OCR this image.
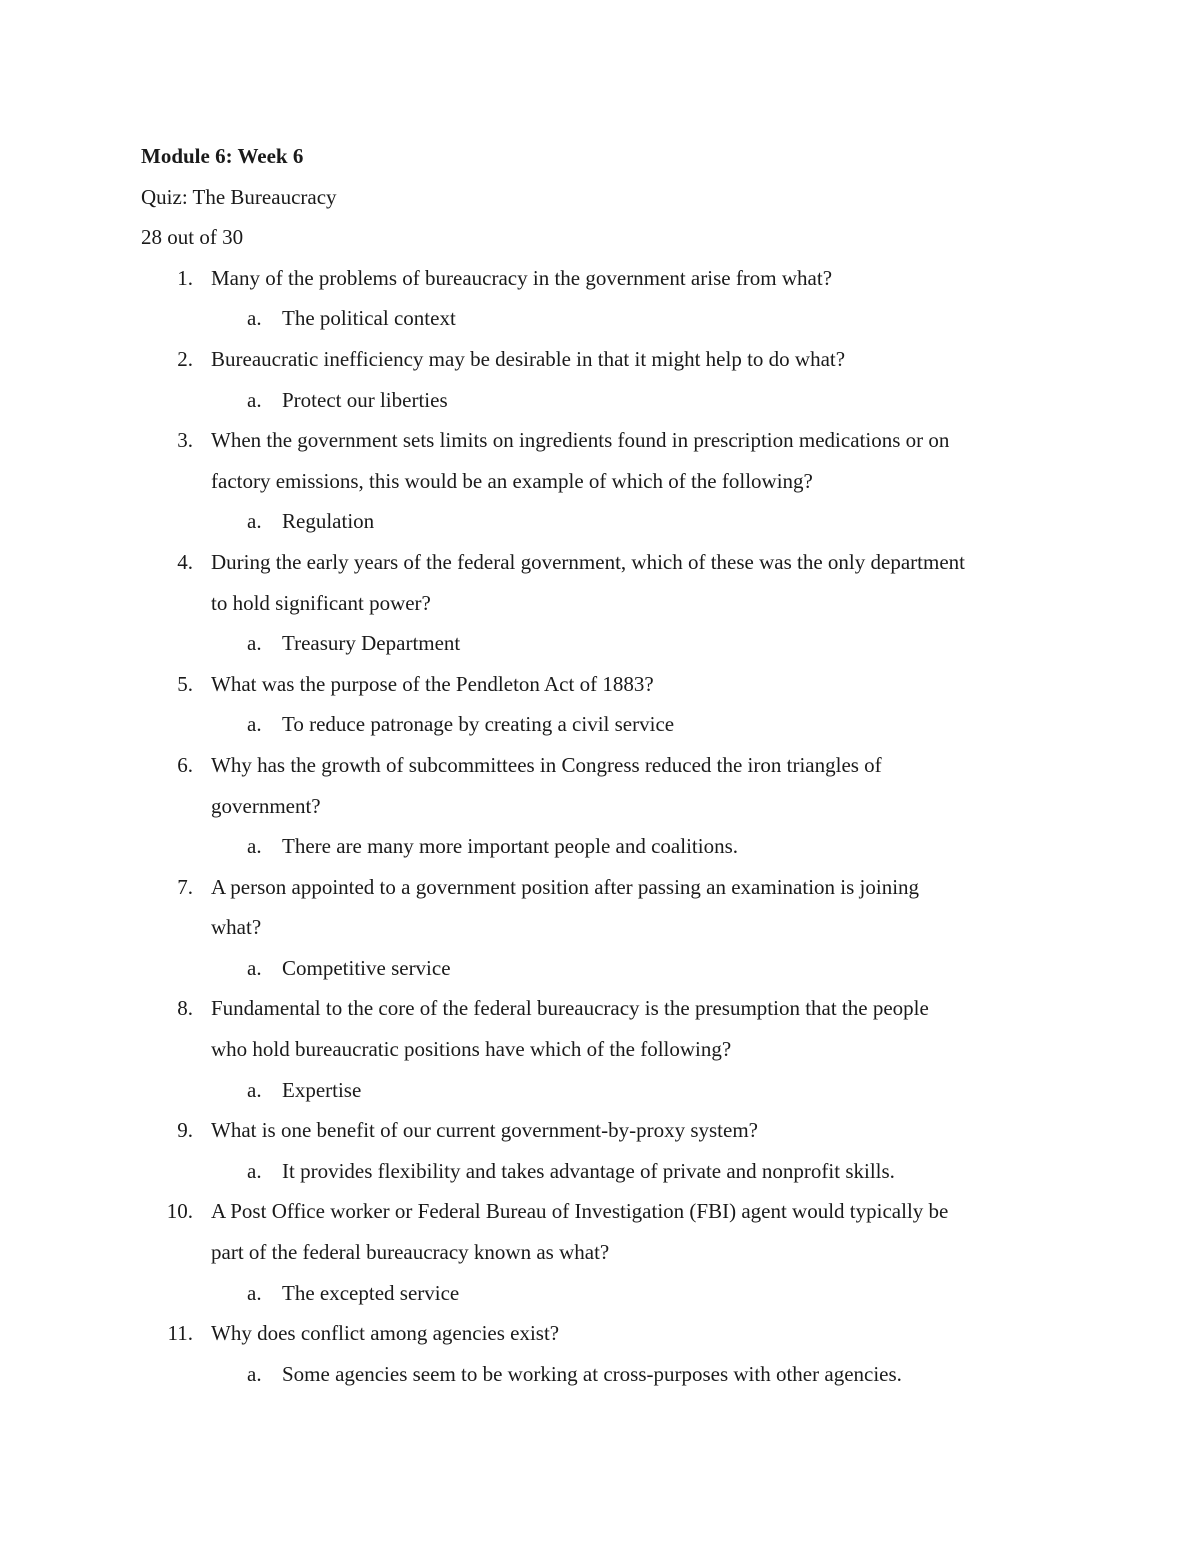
Module 6: Week 6
Quiz: The Bureaucracy
28 out of 30
1. Many of the problems of bureaucracy in the government arise from what?
a. The political context
2. Bureaucratic inefficiency may be desirable in that it might help to do what?
a. Protect our liberties
3. When the government sets limits on ingredients found in prescription medications or on
factory emissions, this would be an example of which of the following?
a. Regulation
4. During the early years of the federal government, which of these was the only department
to hold significant power?
a. Treasury Department
5. What was the purpose of the Pendleton Act of 1883?
a. To reduce patronage by creating a civil service
6. Why has the growth of subcommittees in Congress reduced the iron triangles of
government?
a. There are many more important people and coalitions.
7. A person appointed to a government position after passing an examination is joining
what?
a. Competitive service
8. Fundamental to the core of the federal bureaucracy is the presumption that the people
who hold bureaucratic positions have which of the following?
a. Expertise
9. What is one benefit of our current government-by-proxy system?
a. It provides flexibility and takes advantage of private and nonprofit skills.
10. A Post Office worker or Federal Bureau of Investigation (FBI) agent would typically be
part of the federal bureaucracy known as what?
a. The excepted service
11. Why does conflict among agencies exist?
a. Some agencies seem to be working at cross-purposes with other agencies.
